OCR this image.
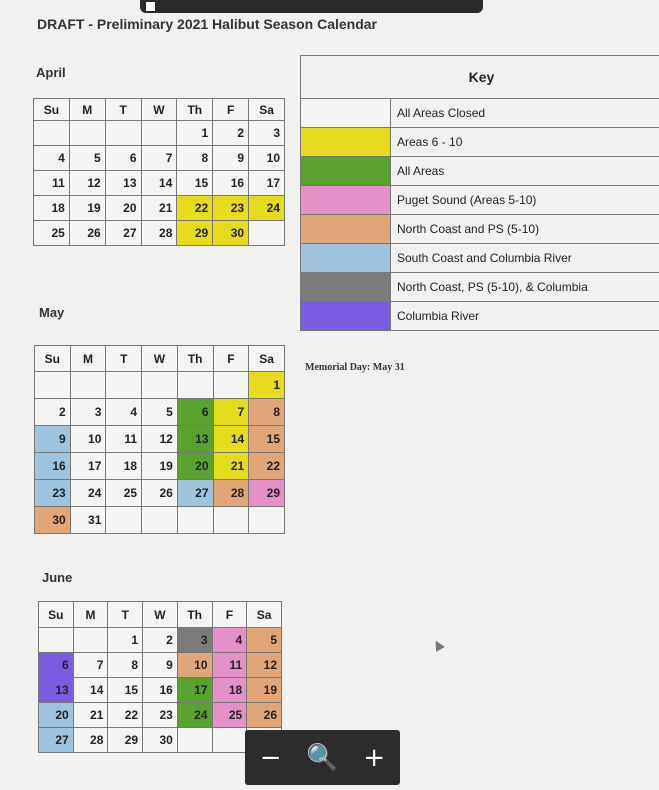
DRAFT - Preliminary 2021 Halibut Season Calendar
April
Su	M	T	W	Th	F	Sa
				1	2	3
4	5	6	7	8	9	10
11	12	13	14	15	16	17
18	19	20	21	22	23	24
25	26	27	28	29	30	
May
Su	M	T	W	Th	F	Sa
						1
2	3	4	5	6	7	8
9	10	11	12	13	14	15
16	17	18	19	20	21	22
23	24	25	26	27	28	29
30	31					
June
Su	M	T	W	Th	F	Sa
		1	2	3	4	5
6	7	8	9	10	11	12
13	14	15	16	17	18	19
20	21	22	23	24	25	26
27	28	29	30			
Key	
	All Areas Closed
	Areas 6 - 10
	All Areas
	Puget Sound (Areas 5-10)
	North Coast and PS (5-10)
	South Coast and Columbia River
	North Coast, PS (5-10), & Columbia
	Columbia River
Memorial Day: May 31
− 🔍 +
